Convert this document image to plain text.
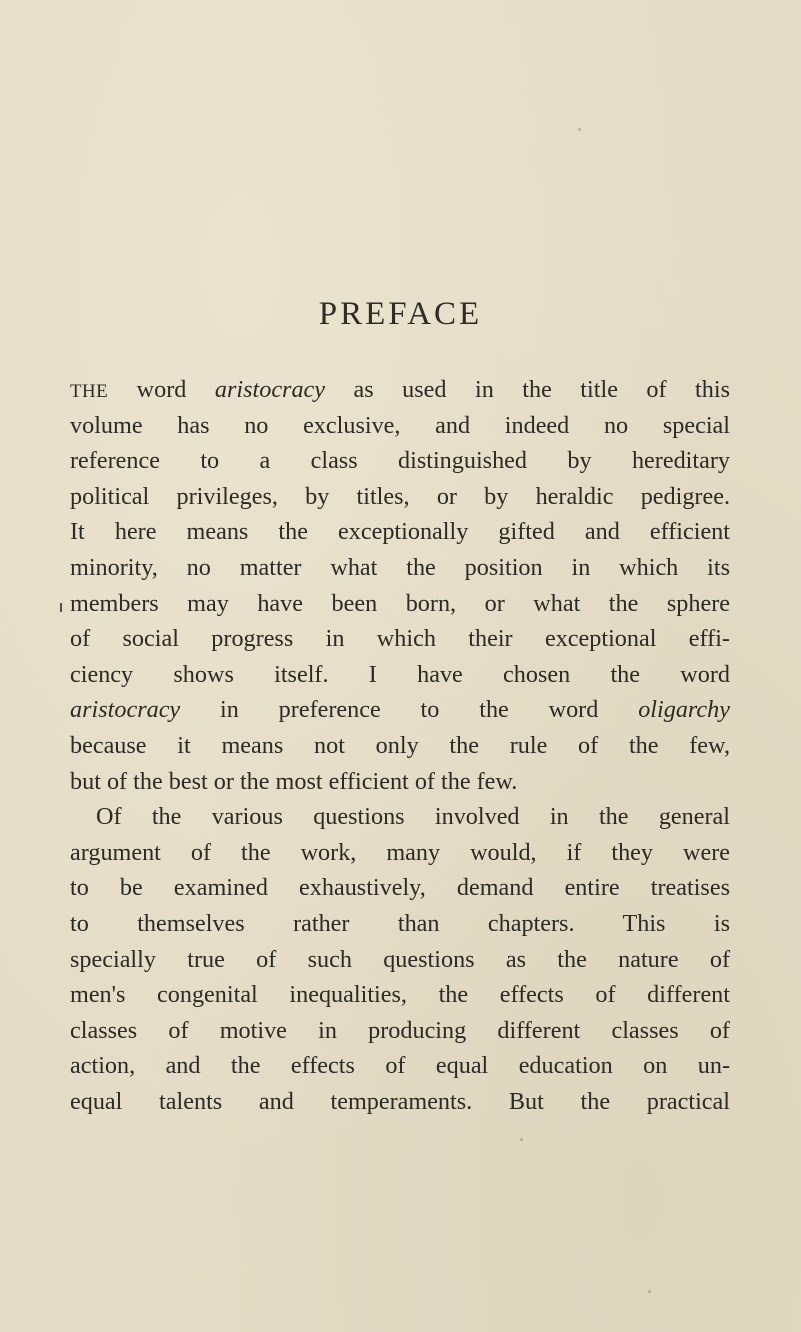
PREFACE
THE word aristocracy as used in the title of this
volume has no exclusive, and indeed no special
reference to a class distinguished by hereditary
political privileges, by titles, or by heraldic pedigree.
It here means the exceptionally gifted and efficient
minority, no matter what the position in which its
members may have been born, or what the sphere
of social progress in which their exceptional effi-
ciency shows itself. I have chosen the word
aristocracy in preference to the word oligarchy
because it means not only the rule of the few,
but of the best or the most efficient of the few.
Of the various questions involved in the general
argument of the work, many would, if they were
to be examined exhaustively, demand entire treatises
to themselves rather than chapters. This is
specially true of such questions as the nature of
men's congenital inequalities, the effects of different
classes of motive in producing different classes of
action, and the effects of equal education on un-
equal talents and temperaments. But the practical
